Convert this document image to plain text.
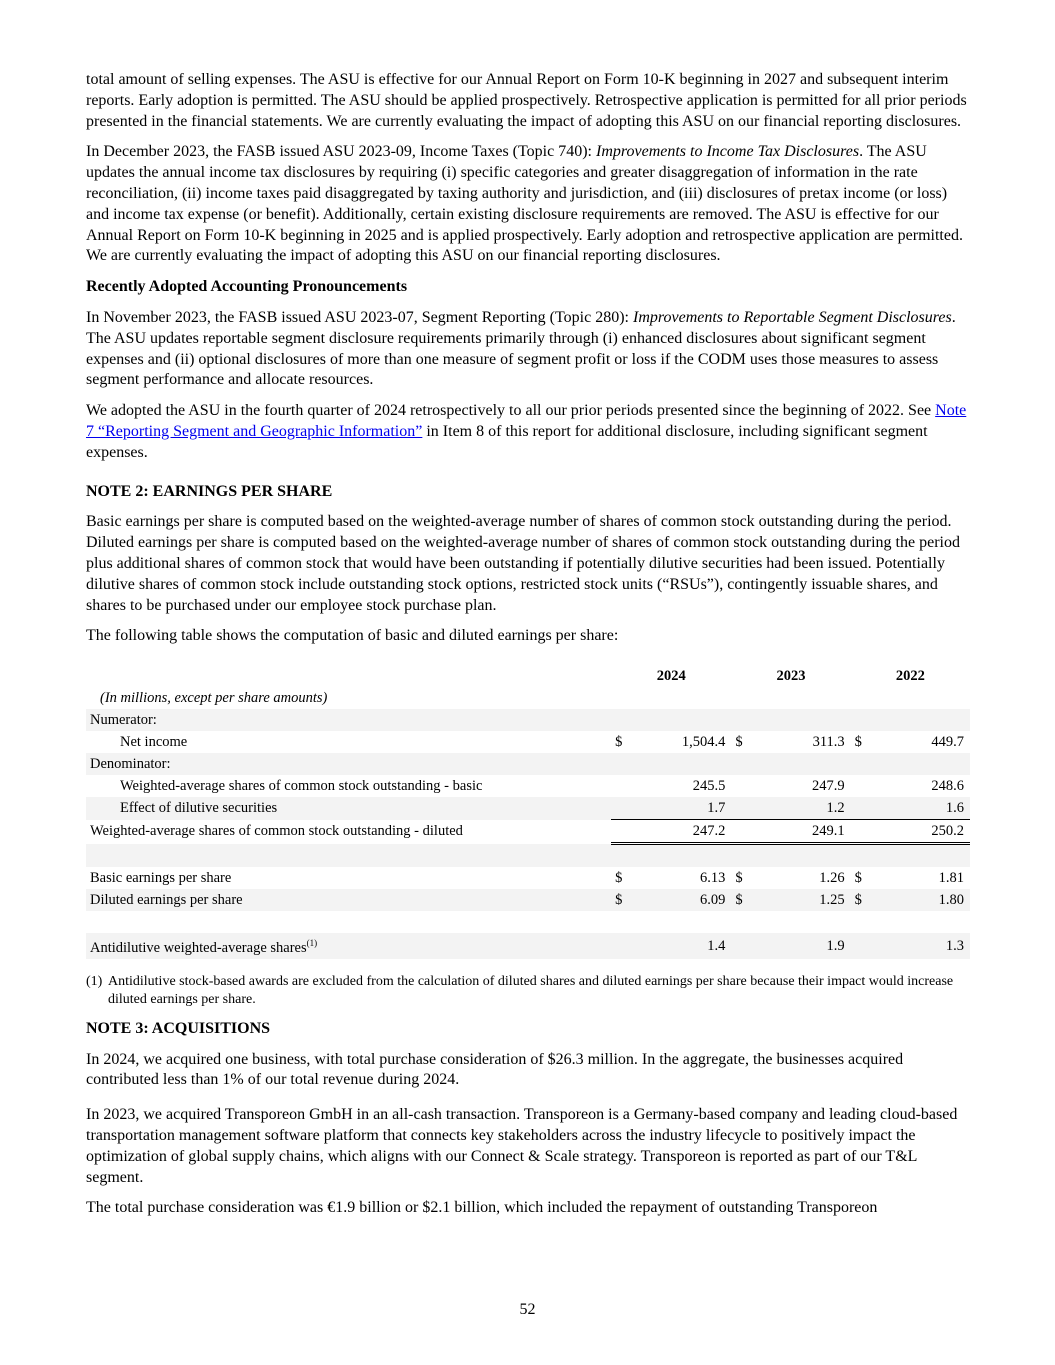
total amount of selling expenses. The ASU is effective for our Annual Report on Form 10-K beginning in 2027 and subsequent interim reports. Early adoption is permitted. The ASU should be applied prospectively. Retrospective application is permitted for all prior periods presented in the financial statements. We are currently evaluating the impact of adopting this ASU on our financial reporting disclosures.

In December 2023, the FASB issued ASU 2023-09, Income Taxes (Topic 740): Improvements to Income Tax Disclosures. The ASU updates the annual income tax disclosures by requiring (i) specific categories and greater disaggregation of information in the rate reconciliation, (ii) income taxes paid disaggregated by taxing authority and jurisdiction, and (iii) disclosures of pretax income (or loss) and income tax expense (or benefit). Additionally, certain existing disclosure requirements are removed. The ASU is effective for our Annual Report on Form 10-K beginning in 2025 and is applied prospectively. Early adoption and retrospective application are permitted. We are currently evaluating the impact of adopting this ASU on our financial reporting disclosures.

Recently Adopted Accounting Pronouncements

In November 2023, the FASB issued ASU 2023-07, Segment Reporting (Topic 280): Improvements to Reportable Segment Disclosures. The ASU updates reportable segment disclosure requirements primarily through (i) enhanced disclosures about significant segment expenses and (ii) optional disclosures of more than one measure of segment profit or loss if the CODM uses those measures to assess segment performance and allocate resources.

We adopted the ASU in the fourth quarter of 2024 retrospectively to all our prior periods presented since the beginning of 2022. See Note 7 “Reporting Segment and Geographic Information” in Item 8 of this report for additional disclosure, including significant segment expenses.

NOTE 2: EARNINGS PER SHARE

Basic earnings per share is computed based on the weighted-average number of shares of common stock outstanding during the period. Diluted earnings per share is computed based on the weighted-average number of shares of common stock outstanding during the period plus additional shares of common stock that would have been outstanding if potentially dilutive securities had been issued. Potentially dilutive shares of common stock include outstanding stock options, restricted stock units (“RSUs”), contingently issuable shares, and shares to be purchased under our employee stock purchase plan.

The following table shows the computation of basic and diluted earnings per share:

	2024		2023		2022	
(In millions, except per share amounts)						
Numerator:						
Net income	$	1,504.4	$	311.3	$	449.7
Denominator:						
Weighted-average shares of common stock outstanding - basic		245.5		247.9		248.6
Effect of dilutive securities		1.7		1.2		1.6
Weighted-average shares of common stock outstanding - diluted		247.2		249.1		250.2

Basic earnings per share	$	6.13	$	1.26	$	1.81
Diluted earnings per share	$	6.09	$	1.25	$	1.80

Antidilutive weighted-average shares$^{(1)}$		1.4		1.9		1.3
(1) Antidilutive stock-based awards are excluded from the calculation of diluted shares and diluted earnings per share because their impact would increase diluted earnings per share.
NOTE 3: ACQUISITIONS

In 2024, we acquired one business, with total purchase consideration of $26.3 million. In the aggregate, the businesses acquired contributed less than 1% of our total revenue during 2024.

In 2023, we acquired Transporeon GmbH in an all-cash transaction. Transporeon is a Germany-based company and leading cloud-based transportation management software platform that connects key stakeholders across the industry lifecycle to positively impact the optimization of global supply chains, which aligns with our Connect & Scale strategy. Transporeon is reported as part of our T&L segment.

The total purchase consideration was €1.9 billion or $2.1 billion, which included the repayment of outstanding Transporeon

52
